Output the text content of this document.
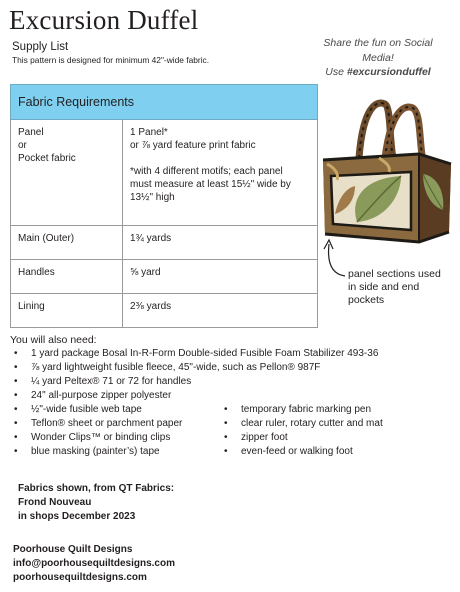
Excursion Duffel
Supply List
This pattern is designed for minimum 42"-wide fabric.
Share the fun on Social
Media!
Use #excursionduffel
Fabric Requirements	

Panel
or
Pocket fabric	1 Panel*
or ⅞ yard feature print fabric
*with 4 different motifs; each panel
must measure at least 15½" wide by
13½" high

Main (Outer)	1¾ yards
Handles	⅝ yard
Lining	2⅜ yards
panel sections used
in side and end
pockets
You will also need:
• 1 yard package Bosal In-R-Form Double-sided Fusible Foam Stabilizer 493-36
• ⅞ yard lightweight fusible fleece, 45"-wide, such as Pellon® 987F
• ¼ yard Peltex® 71 or 72 for handles
• 24" all-purpose zipper polyester
• ½"-wide fusible web tape
• Teflon® sheet or parchment paper
• Wonder Clips™ or binding clips
• blue masking (painter’s) tape
• temporary fabric marking pen
• clear ruler, rotary cutter and mat
• zipper foot
• even-feed or walking foot
Fabrics shown, from QT Fabrics:
Frond Nouveau
in shops December 2023
Poorhouse Quilt Designs
info@poorhousequiltdesigns.com
poorhousequiltdesigns.com
